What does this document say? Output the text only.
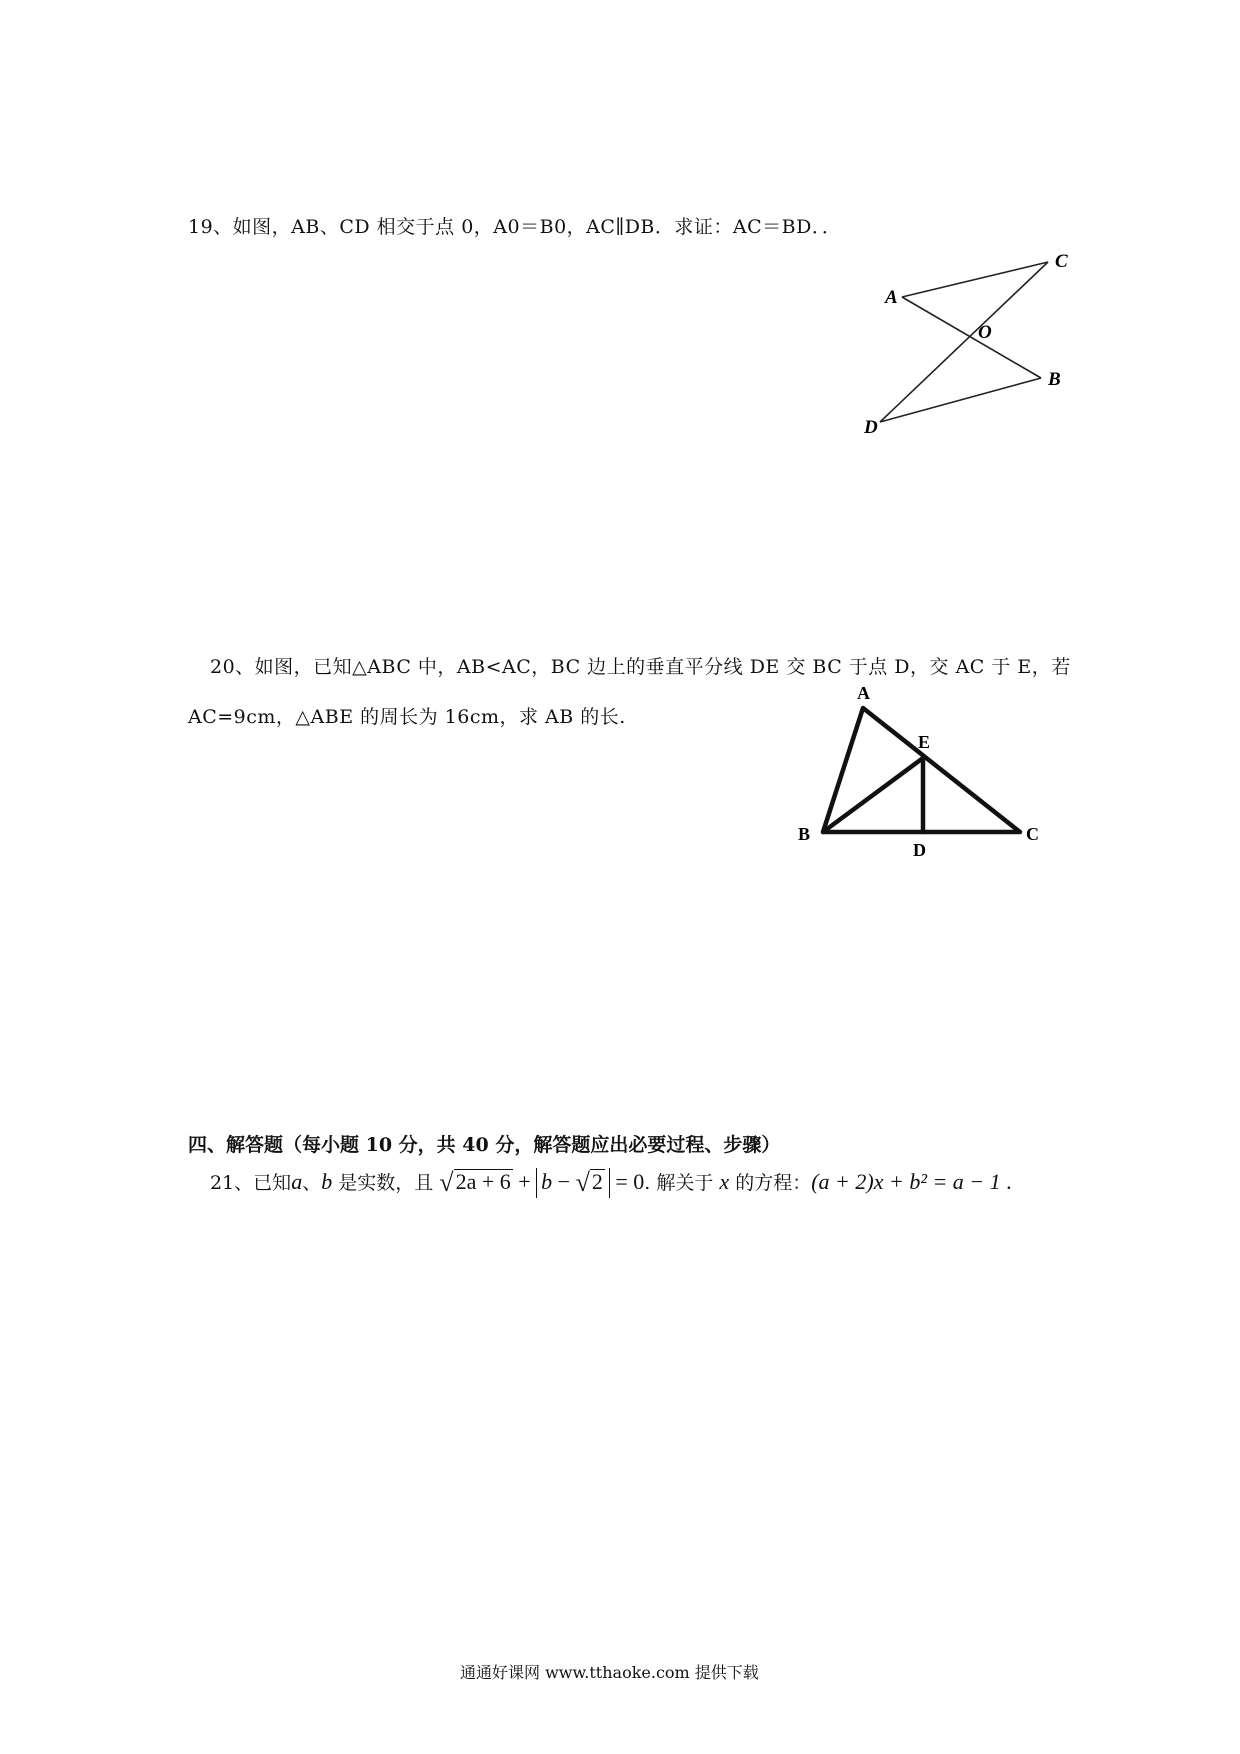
19、如图，AB、CD 相交于点 0，A0＝B0，AC∥DB．求证：AC＝BD．．
A
C
O
B
D
20、如图，已知△ABC 中，AB<AC，BC 边上的垂直平分线 DE 交 BC 于点 D，交 AC 于 E，若
AC=9cm，△ABE 的周长为 16cm，求 AB 的长.
A
E
B	C
D
四、解答题（每小题 10 分，共 40 分，解答题应出必要过程、步骤）
21、已知a、b 是实数，且 √2a + 6 + b − √2 = 0. 解关于 x 的方程：(a + 2)x + b² = a − 1 .
通通好课网 www.tthaoke.com 提供下载
